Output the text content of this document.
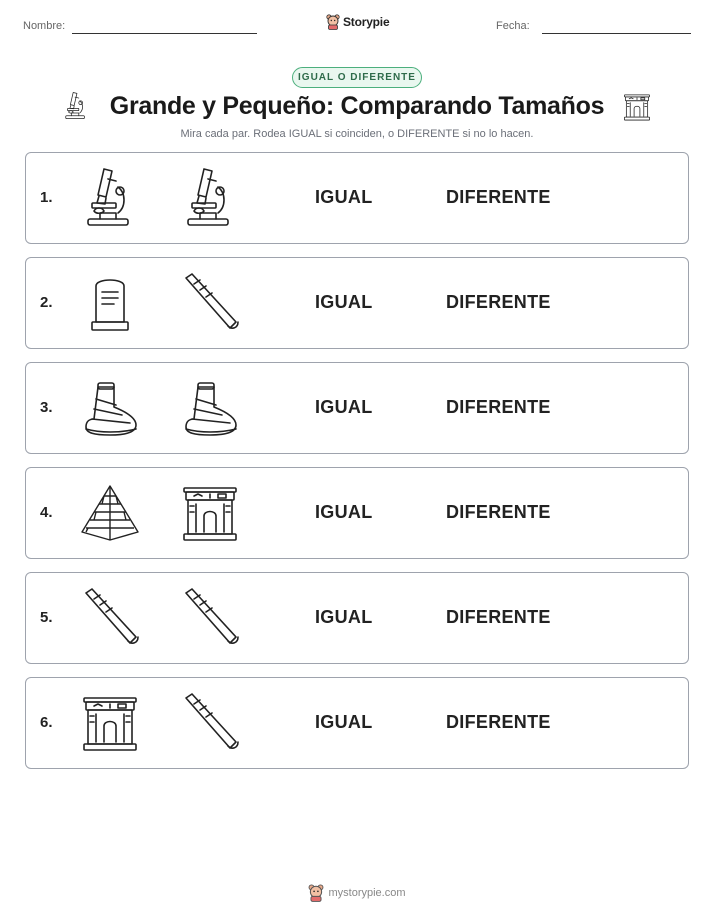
Nombre:	Storypie	Fecha:
IGUAL O DIFERENTE
Grande y Pequeño: Comparando Tamaños
Mira cada par. Rodea IGUAL si coinciden, o DIFERENTE si no lo hacen.
1.	IGUAL	DIFERENTE
2.	IGUAL	DIFERENTE
3.	IGUAL	DIFERENTE
4.	IGUAL	DIFERENTE
5.	IGUAL	DIFERENTE
6.	IGUAL	DIFERENTE
mystorypie.com
